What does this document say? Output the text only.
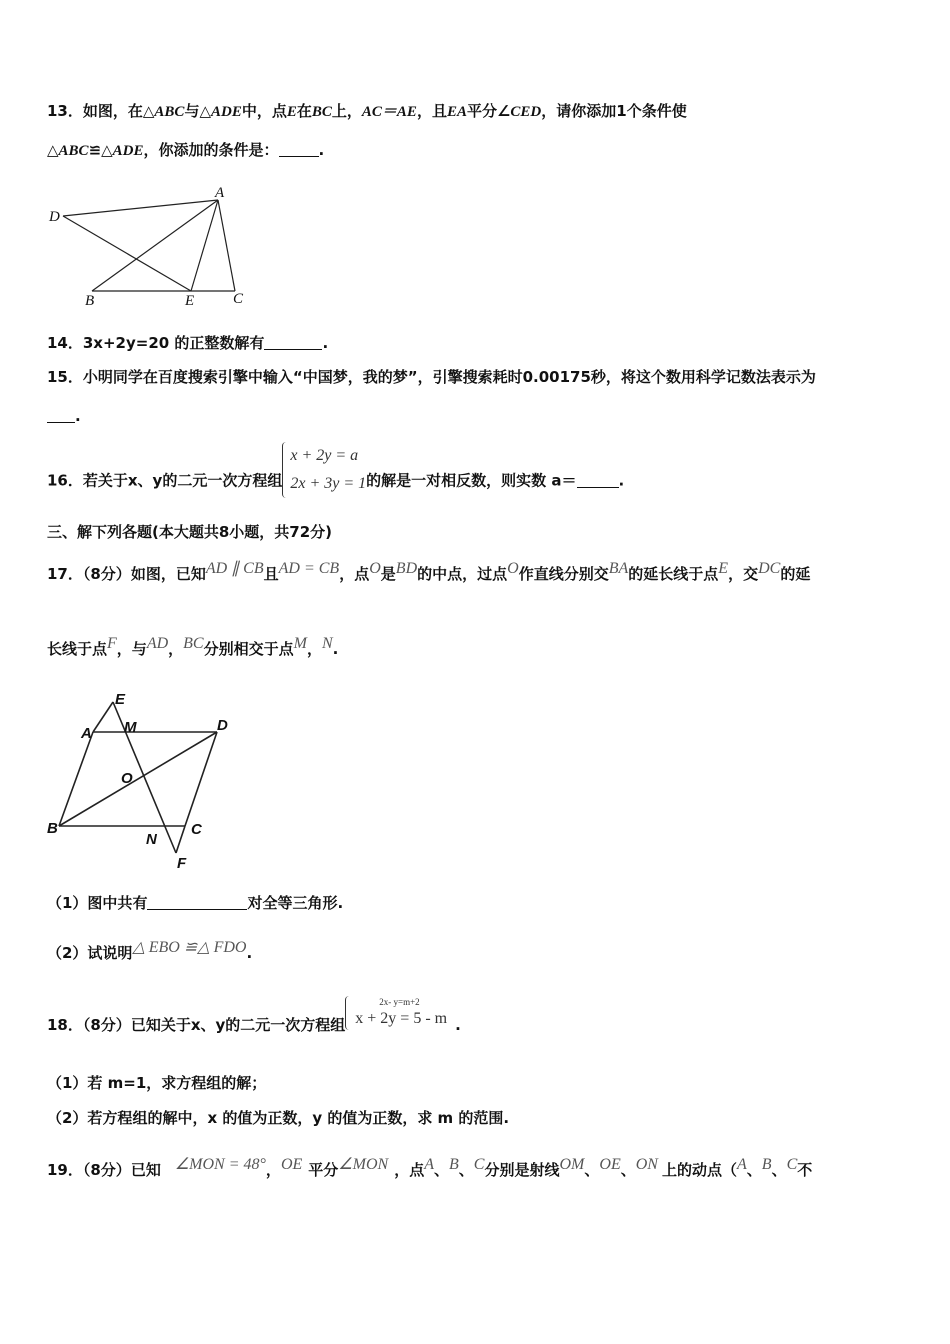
13．如图，在△ABC与△ADE中，点E在BC上，AC＝AE，且EA平分∠CED，请你添加1个条件使
△ABC≌△ADE，你添加的条件是：	.
D
A
B	E	C
14．3x+2y=20 的正整数解有	.
15．小明同学在百度搜索引擎中输入“中国梦，我的梦”，引擎搜索耗时0.00175秒，将这个数用科学记数法表示为
.
16．若关于x、y的二元一次方程组
x + 2y = a
2x + 3y = 1 的解是一对相反数，则实数 a＝	.
三、解下列各题(本大题共8小题，共72分)
17．（8分）如图，已知AD ∥ CB且AD = CB，点O是BD的中点，过点O作直线分别交BA的延长线于点E，交DC的延
长线于点F，与AD，BC分别相交于点M，N.
E
A M	D
O
B
N
C
F
（1）图中共有	对全等三角形.
（2）试说明△ EBO ≌△ FDO.
18．（8分）已知关于x、y的二元一次方程组
2x- y=m+2
x + 2y = 5 - m .
（1）若 m=1，求方程组的解；
（2）若方程组的解中，x 的值为正数，y 的值为正数，求 m 的范围.
19．（8分）已知 ∠MON = 48°，OE 平分∠MON ，点A、B、C分别是射线OM、OE、ON 上的动点（A、B、C不
